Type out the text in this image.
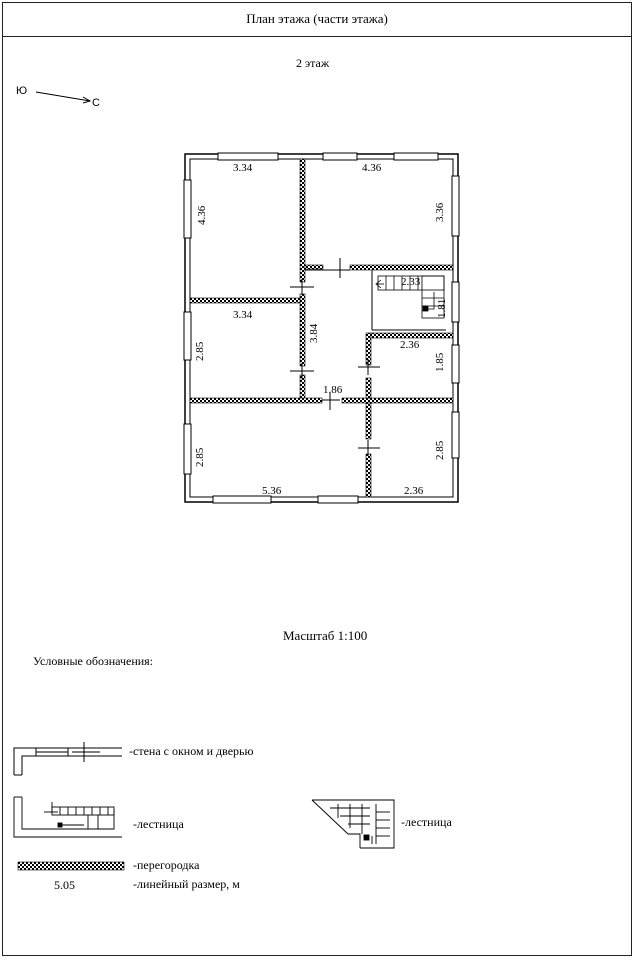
План этажа (части этажа)
2 этаж
Ю
С
3.34
4.36
4.36
3.36
2.33
1.81
3.34
2.85
3.84
1.86
2.36
1.85
2.85
5.36	2.36
2.85
Масштаб 1:100
Условные обозначения:
-стена с окном и дверью
-лестница	-лестница
-перегородка
5.05	-линейный размер, м
